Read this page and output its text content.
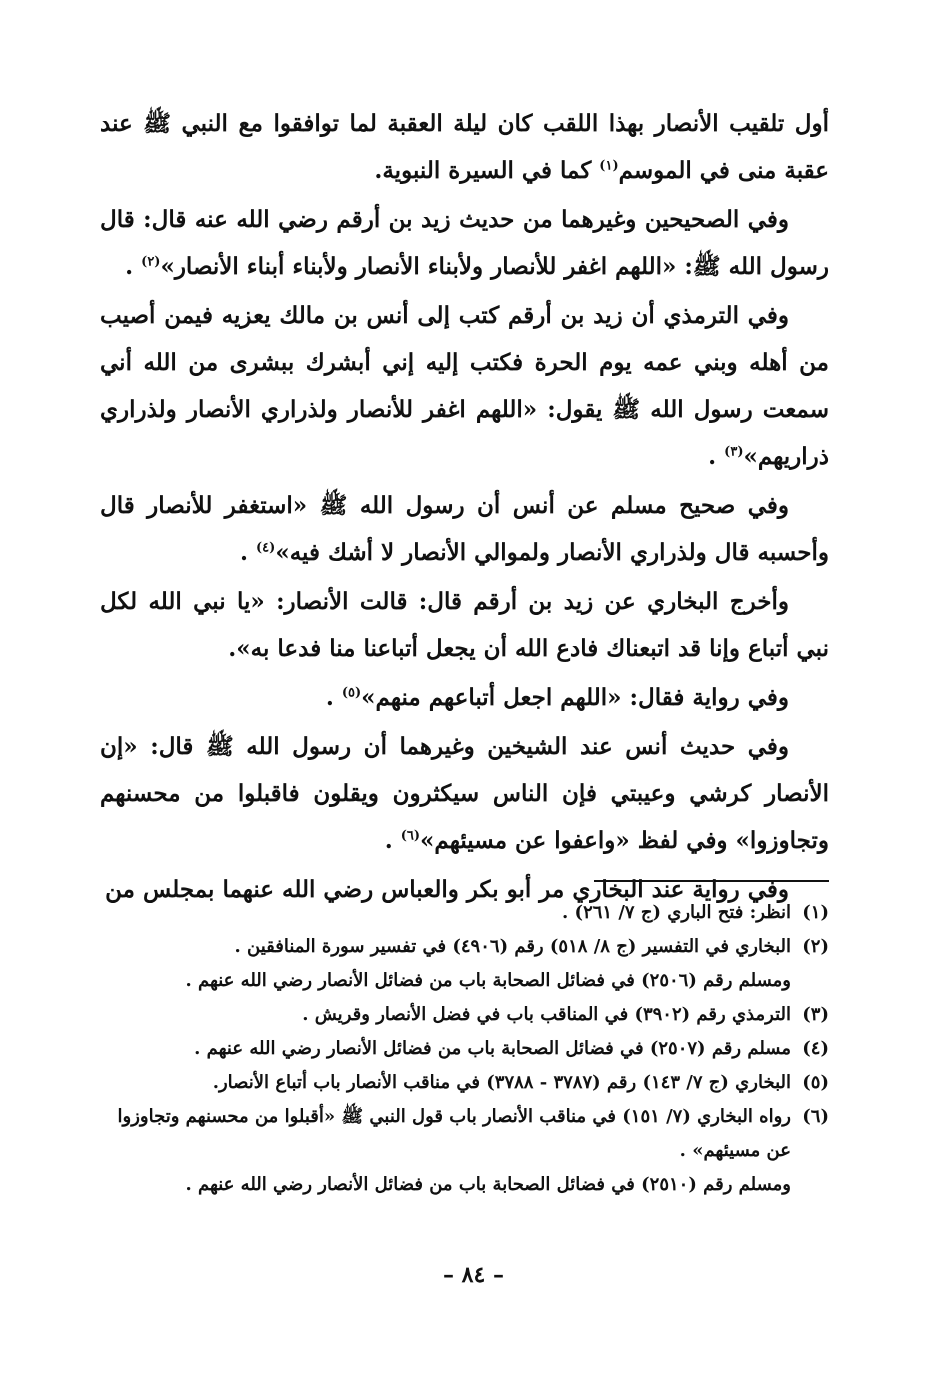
أول تلقيب الأنصار بهذا اللقب كان ليلة العقبة لما توافقوا مع النبي ﷺ عند عقبة منى في الموسم$^{(١)}$ كما في السيرة النبوية.

وفي الصحيحين وغيرهما من حديث زيد بن أرقم رضي الله عنه قال: قال رسول الله ﷺ: «اللهم اغفر للأنصار ولأبناء الأنصار ولأبناء أبناء الأنصار»$^{(٢)}$ .

وفي الترمذي أن زيد بن أرقم كتب إلى أنس بن مالك يعزيه فيمن أصيب من أهله وبني عمه يوم الحرة فكتب إليه إني أبشرك ببشرى من الله أني سمعت رسول الله ﷺ يقول: «اللهم اغفر للأنصار ولذراري الأنصار ولذراري ذراريهم»$^{(٣)}$ .

وفي صحيح مسلم عن أنس أن رسول الله ﷺ «استغفر للأنصار قال وأحسبه قال ولذراري الأنصار ولموالي الأنصار لا أشك فيه»$^{(٤)}$ .

وأخرج البخاري عن زيد بن أرقم قال: قالت الأنصار: «يا نبي الله لكل نبي أتباع وإنا قد اتبعناك فادع الله أن يجعل أتباعنا منا فدعا به».

وفي رواية فقال: «اللهم اجعل أتباعهم منهم»$^{(٥)}$ .

وفي حديث أنس عند الشيخين وغيرهما أن رسول الله ﷺ قال: «إن الأنصار كرشي وعيبتي فإن الناس سيكثرون ويقلون فاقبلوا من محسنهم وتجاوزوا» وفي لفظ «واعفوا عن مسيئهم»$^{(٦)}$ .

وفي رواية عند البخاري مر أبو بكر والعباس رضي الله عنهما بمجلس من

(١)
انظر: فتح الباري (ج ٧/ ٢٦١) .
(٢)
البخاري في التفسير (ج ٨/ ٥١٨) رقم (٤٩٠٦) في تفسير سورة المنافقين .
ومسلم رقم (٢٥٠٦) في فضائل الصحابة باب من فضائل الأنصار رضي الله عنهم .
(٣)
الترمذي رقم (٣٩٠٢) في المناقب باب في فضل الأنصار وقريش .
(٤)
مسلم رقم (٢٥٠٧) في فضائل الصحابة باب من فضائل الأنصار رضي الله عنهم .
(٥)
البخاري (ج ٧/ ١٤٣) رقم (٣٧٨٧ - ٣٧٨٨) في مناقب الأنصار باب أتباع الأنصار.
(٦)
رواه البخاري (٧/ ١٥١) في مناقب الأنصار باب قول النبي ﷺ «أقبلوا من محسنهم وتجاوزوا عن مسيئهم» .
ومسلم رقم (٢٥١٠) في فضائل الصحابة باب من فضائل الأنصار رضي الله عنهم .
– ٨٤ –
